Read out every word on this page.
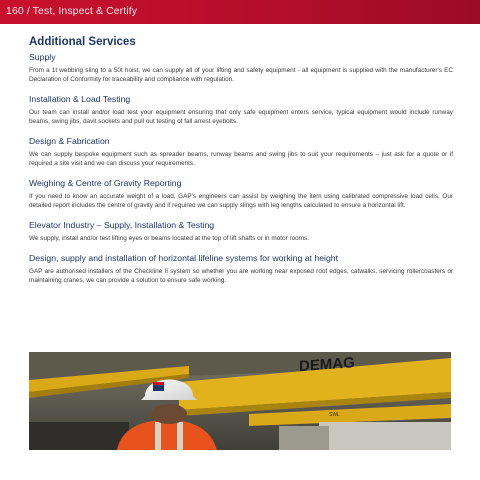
160 / Test, Inspect & Certify
Additional Services
Supply

From a 1t webbing sling to a 50t hoist, we can supply all of your lifting and safety equipment - all equipment is supplied with the manufacturer's EC Declaration of Conformity for traceability and compliance with regulation.

Installation & Load Testing

Our team can install and/or load test your equipment ensuring that only safe equipment enters service, typical equipment would include runway beams, swing jibs, davit sockets and pull out testing of fall arrest eyebolts.

Design & Fabrication

We can supply bespoke equipment such as spreader beams, runway beams and swing jibs to suit your requirements – just ask for a quote or if required a site visit and we can discuss your requirements.

Weighing & Centre of Gravity Reporting

If you need to know an accurate weight of a load, GAP's engineers can assist by weighing the item using calibrated compressive load cells. Our detailed report includes the centre of gravity and if required we can supply slings with leg lengths calculated to ensure a horizontal lift.

Elevator Industry – Supply, Installation & Testing

We supply, install and/or test lifting eyes or beams located at the top of lift shafts or in motor rooms.

Design, supply and installation of horizontal lifeline systems for working at height

GAP are authorised installers of the Checkline II system so whether you are working near exposed roof edges, catwalks, servicing rollercoasters or maintaining cranes, we can provide a solution to ensure safe working.

DEMAG
SWL
